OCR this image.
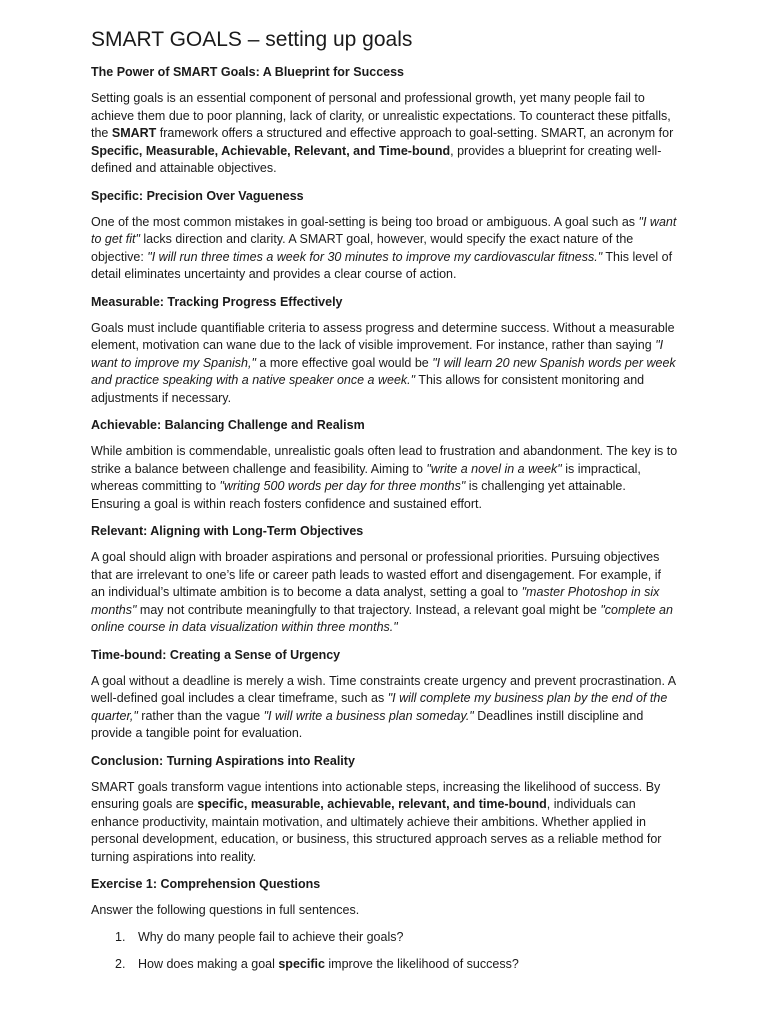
SMART GOALS – setting up goals
The Power of SMART Goals: A Blueprint for Success

Setting goals is an essential component of personal and professional growth, yet many people fail to achieve them due to poor planning, lack of clarity, or unrealistic expectations. To counteract these pitfalls, the SMART framework offers a structured and effective approach to goal-setting. SMART, an acronym for Specific, Measurable, Achievable, Relevant, and Time-bound, provides a blueprint for creating well-defined and attainable objectives.

Specific: Precision Over Vagueness

One of the most common mistakes in goal-setting is being too broad or ambiguous. A goal such as "I want to get fit" lacks direction and clarity. A SMART goal, however, would specify the exact nature of the objective: "I will run three times a week for 30 minutes to improve my cardiovascular fitness." This level of detail eliminates uncertainty and provides a clear course of action.

Measurable: Tracking Progress Effectively

Goals must include quantifiable criteria to assess progress and determine success. Without a measurable element, motivation can wane due to the lack of visible improvement. For instance, rather than saying "I want to improve my Spanish," a more effective goal would be "I will learn 20 new Spanish words per week and practice speaking with a native speaker once a week." This allows for consistent monitoring and adjustments if necessary.

Achievable: Balancing Challenge and Realism

While ambition is commendable, unrealistic goals often lead to frustration and abandonment. The key is to strike a balance between challenge and feasibility. Aiming to "write a novel in a week" is impractical, whereas committing to "writing 500 words per day for three months" is challenging yet attainable. Ensuring a goal is within reach fosters confidence and sustained effort.

Relevant: Aligning with Long-Term Objectives

A goal should align with broader aspirations and personal or professional priorities. Pursuing objectives that are irrelevant to one’s life or career path leads to wasted effort and disengagement. For example, if an individual’s ultimate ambition is to become a data analyst, setting a goal to "master Photoshop in six months" may not contribute meaningfully to that trajectory. Instead, a relevant goal might be "complete an online course in data visualization within three months."

Time-bound: Creating a Sense of Urgency

A goal without a deadline is merely a wish. Time constraints create urgency and prevent procrastination. A well-defined goal includes a clear timeframe, such as "I will complete my business plan by the end of the quarter," rather than the vague "I will write a business plan someday." Deadlines instill discipline and provide a tangible point for evaluation.

Conclusion: Turning Aspirations into Reality

SMART goals transform vague intentions into actionable steps, increasing the likelihood of success. By ensuring goals are specific, measurable, achievable, relevant, and time-bound, individuals can enhance productivity, maintain motivation, and ultimately achieve their ambitions. Whether applied in personal development, education, or business, this structured approach serves as a reliable method for turning aspirations into reality.

Exercise 1: Comprehension Questions

Answer the following questions in full sentences.

1. Why do many people fail to achieve their goals?
2. How does making a goal specific improve the likelihood of success?
